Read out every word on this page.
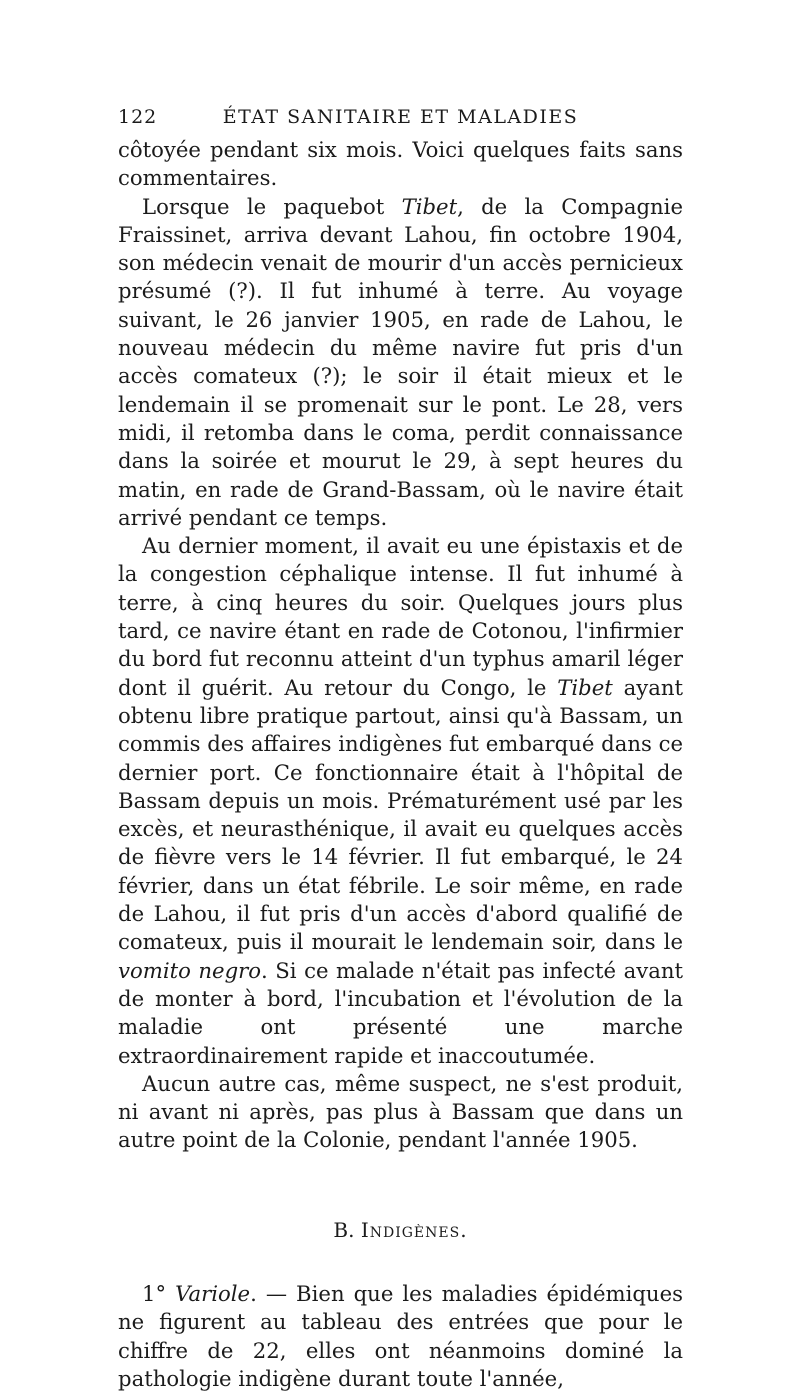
122	ÉTAT SANITAIRE ET MALADIES

côtoyée pendant six mois. Voici quelques faits sans commentaires.

Lorsque le paquebot Tibet, de la Compagnie Fraissinet, arriva devant Lahou, fin octobre 1904, son médecin venait de mourir d'un accès pernicieux présumé (?). Il fut inhumé à terre. Au voyage suivant, le 26 janvier 1905, en rade de Lahou, le nouveau médecin du même navire fut pris d'un accès comateux (?); le soir il était mieux et le lendemain il se promenait sur le pont. Le 28, vers midi, il retomba dans le coma, perdit connaissance dans la soirée et mourut le 29, à sept heures du matin, en rade de Grand-Bassam, où le navire était arrivé pendant ce temps.

Au dernier moment, il avait eu une épistaxis et de la congestion céphalique intense. Il fut inhumé à terre, à cinq heures du soir. Quelques jours plus tard, ce navire étant en rade de Cotonou, l'infirmier du bord fut reconnu atteint d'un typhus amaril léger dont il guérit. Au retour du Congo, le Tibet ayant obtenu libre pratique partout, ainsi qu'à Bassam, un commis des affaires indigènes fut embarqué dans ce dernier port. Ce fonctionnaire était à l'hôpital de Bassam depuis un mois. Prématurément usé par les excès, et neurasthénique, il avait eu quelques accès de fièvre vers le 14 février. Il fut embarqué, le 24 février, dans un état fébrile. Le soir même, en rade de Lahou, il fut pris d'un accès d'abord qualifié de comateux, puis il mourait le lendemain soir, dans le vomito negro. Si ce malade n'était pas infecté avant de monter à bord, l'incubation et l'évolution de la maladie ont présenté une marche extraordinairement rapide et inaccoutumée.

Aucun autre cas, même suspect, ne s'est produit, ni avant ni après, pas plus à Bassam que dans un autre point de la Colonie, pendant l'année 1905.

B. Indigènes.

1° Variole. — Bien que les maladies épidémiques ne figurent au tableau des entrées que pour le chiffre de 22, elles ont néanmoins dominé la pathologie indigène durant toute l'année,
